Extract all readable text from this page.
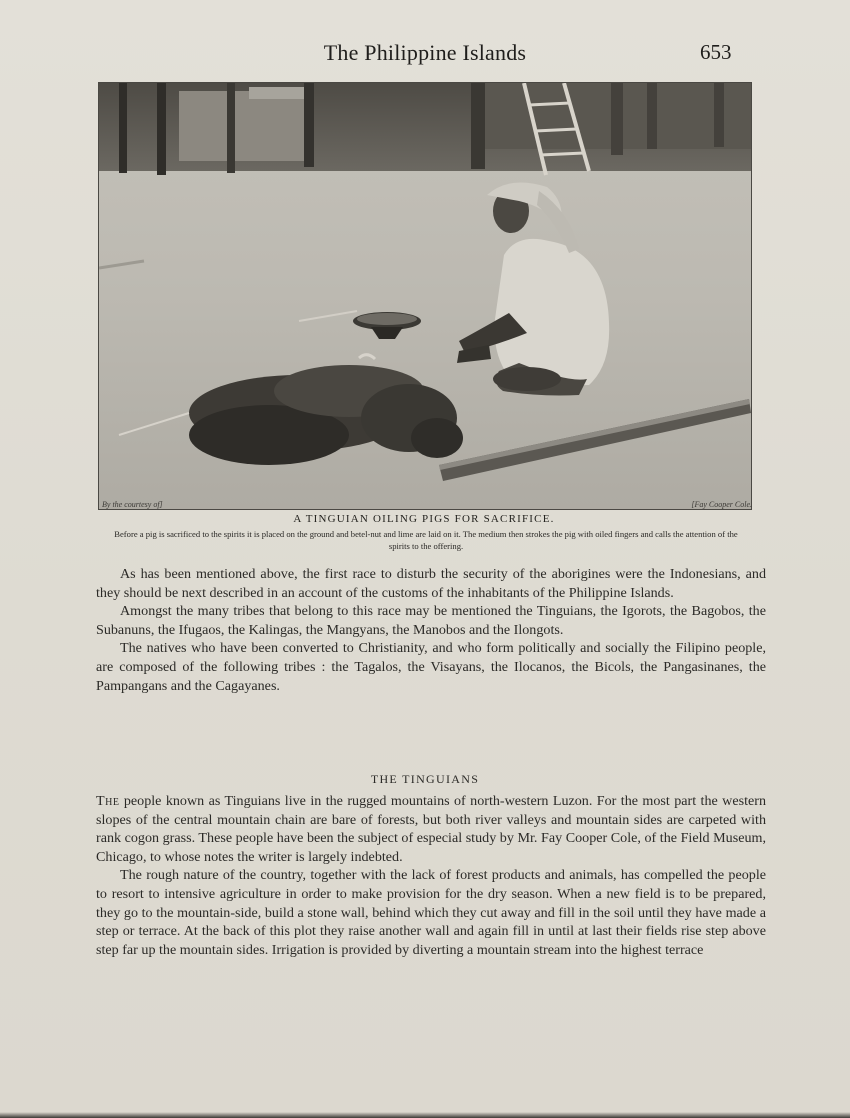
The Philippine Islands	653
By the courtesy of]	[Fay Cooper Cole.
A TINGUIAN OILING PIGS FOR SACRIFICE.
Before a pig is sacrificed to the spirits it is placed on the ground and betel-nut and lime are laid on it. The medium then strokes the pig with oiled fingers and calls the attention of the spirits to the offering.

As has been mentioned above, the first race to disturb the security of the aborigines were the Indonesians, and they should be next described in an account of the customs of the inhabitants of the Philippine Islands.

Amongst the many tribes that belong to this race may be mentioned the Tinguians, the Igorots, the Bagobos, the Subanuns, the Ifugaos, the Kalingas, the Mangyans, the Manobos and the Ilongots.

The natives who have been converted to Christianity, and who form politically and socially the Filipino people, are composed of the following tribes : the Tagalos, the Visayans, the Ilocanos, the Bicols, the Pangasinanes, the Pampangans and the Cagayanes.

THE TINGUIANS

The people known as Tinguians live in the rugged mountains of north-western Luzon. For the most part the western slopes of the central mountain chain are bare of forests, but both river valleys and mountain sides are carpeted with rank cogon grass. These people have been the subject of especial study by Mr. Fay Cooper Cole, of the Field Museum, Chicago, to whose notes the writer is largely indebted.

The rough nature of the country, together with the lack of forest products and animals, has compelled the people to resort to intensive agriculture in order to make provision for the dry season. When a new field is to be prepared, they go to the mountain-side, build a stone wall, behind which they cut away and fill in the soil until they have made a step or terrace. At the back of this plot they raise another wall and again fill in until at last their fields rise step above step far up the mountain sides. Irrigation is provided by diverting a mountain stream into the highest terrace
